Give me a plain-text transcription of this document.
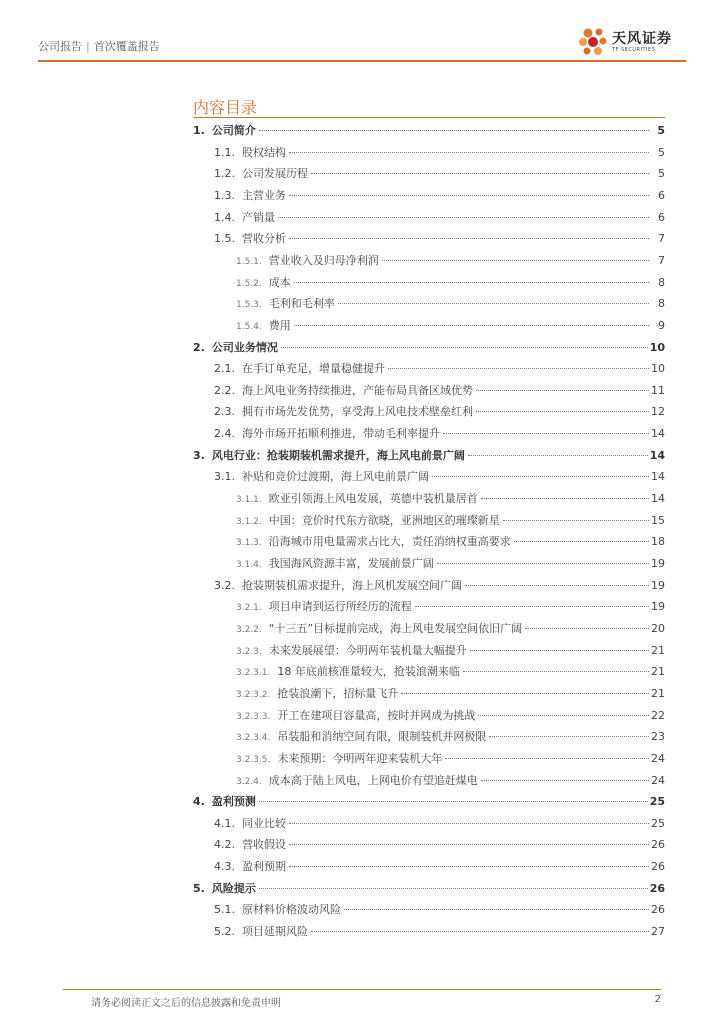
公司报告 | 首次覆盖报告	天风证券
TF SECURITIES
内容目录
1. 公司简介	5
1.1. 股权结构	5
1.2. 公司发展历程	5
1.3. 主营业务	6
1.4. 产销量	6
1.5. 营收分析	7
1.5.1. 营业收入及归母净利润	7
1.5.2. 成本	8
1.5.3. 毛利和毛利率	8
1.5.4. 费用	9
2. 公司业务情况	10
2.1. 在手订单充足，增量稳健提升	10
2.2. 海上风电业务持续推进，产能布局具备区域优势	11
2.3. 拥有市场先发优势，享受海上风电技术壁垒红利	12
2.4. 海外市场开拓顺利推进，带动毛利率提升	14
3. 风电行业：抢装期装机需求提升，海上风电前景广阔	14
3.1. 补贴和竞价过渡期，海上风电前景广阔	14
3.1.1. 欧亚引领海上风电发展，英德中装机量居首	14
3.1.2. 中国：竞价时代东方欲晓，亚洲地区的璀璨新星	15
3.1.3. 沿海城市用电量需求占比大，责任消纳权重高要求	18
3.1.4. 我国海风资源丰富，发展前景广阔	19
3.2. 抢装期装机需求提升，海上风机发展空间广阔	19
3.2.1. 项目申请到运行所经历的流程	19
3.2.2. “十三五”目标提前完成，海上风电发展空间依旧广阔	20
3.2.3. 未来发展展望：今明两年装机量大幅提升	21
3.2.3.1. 18 年底前核准量较大，抢装浪潮来临	21
3.2.3.2. 抢装浪潮下，招标量飞升	21
3.2.3.3. 开工在建项目容量高，按时并网成为挑战	22
3.2.3.4. 吊装船和消纳空间有限，限制装机并网极限	23
3.2.3.5. 未来预期：今明两年迎来装机大年	24
3.2.4. 成本高于陆上风电，上网电价有望追赶煤电	24
4. 盈利预测	25
4.1. 同业比较	25
4.2. 营收假设	26
4.3. 盈利预期	26
5. 风险提示	26
5.1. 原材料价格波动风险	26
5.2. 项目延期风险	27
请务必阅读正文之后的信息披露和免责申明	2
